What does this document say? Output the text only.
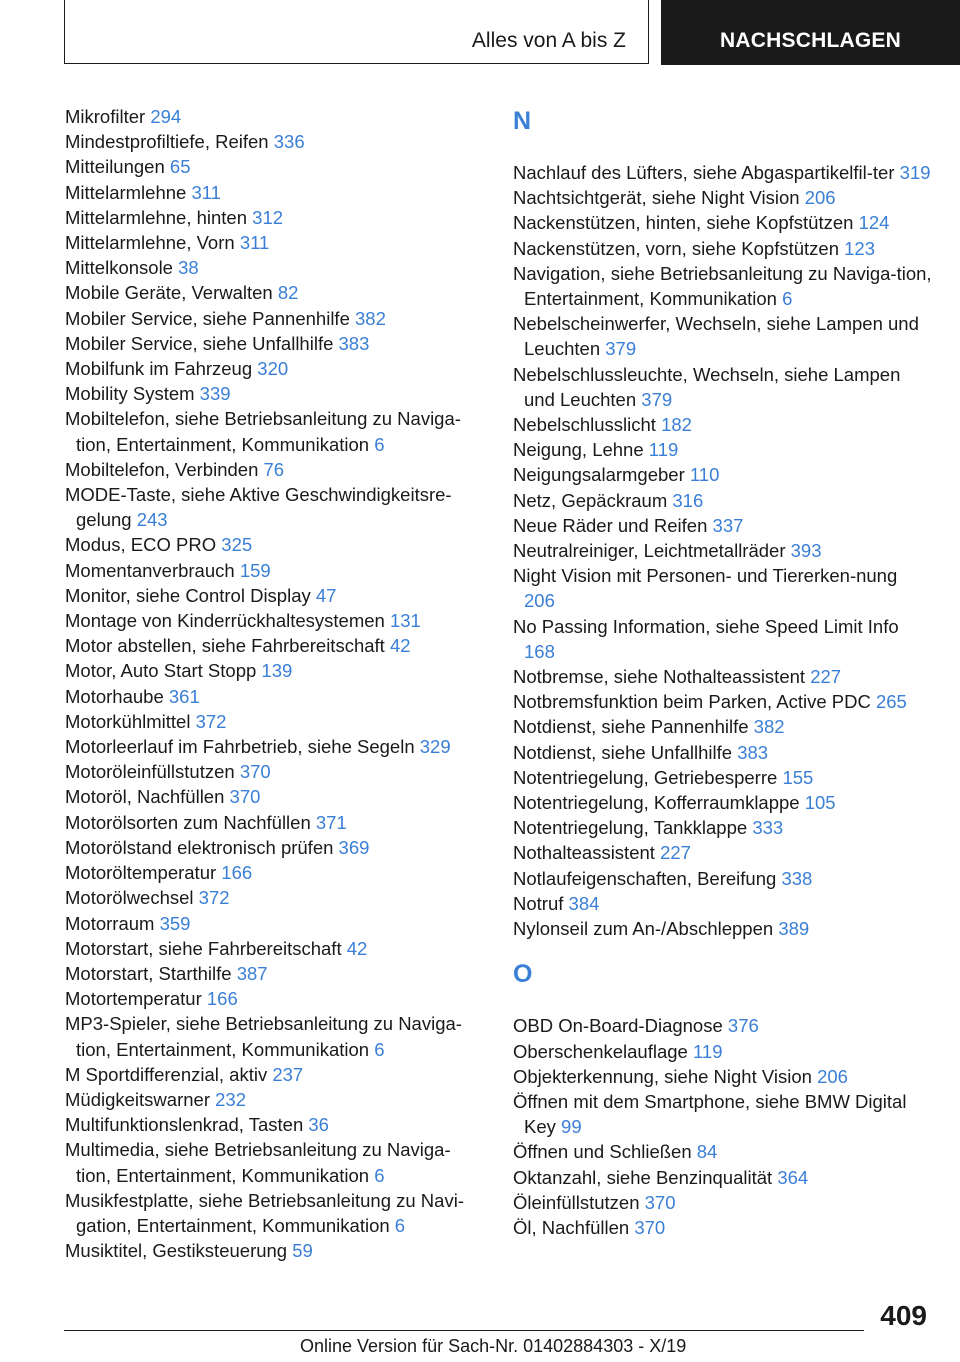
Alles von A bis Z	NACHSCHLAGEN
Mikrofilter 294
Mindestprofiltiefe, Reifen 336
Mitteilungen 65
Mittelarmlehne 311
Mittelarmlehne, hinten 312
Mittelarmlehne, Vorn 311
Mittelkonsole 38
Mobile Geräte, Verwalten 82
Mobiler Service, siehe Pannenhilfe 382
Mobiler Service, siehe Unfallhilfe 383
Mobilfunk im Fahrzeug 320
Mobility System 339
Mobiltelefon, siehe Betriebsanleitung zu Naviga‐tion, Entertainment, Kommunikation 6
Mobiltelefon, Verbinden 76
MODE-Taste, siehe Aktive Geschwindigkeitsre‐gelung 243
Modus, ECO PRO 325
Momentanverbrauch 159
Monitor, siehe Control Display 47
Montage von Kinderrückhaltesystemen 131
Motor abstellen, siehe Fahrbereitschaft 42
Motor, Auto Start Stopp 139
Motorhaube 361
Motorkühlmittel 372
Motorleerlauf im Fahrbetrieb, siehe Segeln 329
Motoröleinfüllstutzen 370
Motoröl, Nachfüllen 370
Motorölsorten zum Nachfüllen 371
Motorölstand elektronisch prüfen 369
Motoröltemperatur 166
Motorölwechsel 372
Motorraum 359
Motorstart, siehe Fahrbereitschaft 42
Motorstart, Starthilfe 387
Motortemperatur 166
MP3-Spieler, siehe Betriebsanleitung zu Naviga‐tion, Entertainment, Kommunikation 6
M Sportdifferenzial, aktiv 237
Müdigkeitswarner 232
Multifunktionslenkrad, Tasten 36
Multimedia, siehe Betriebsanleitung zu Naviga‐tion, Entertainment, Kommunikation 6
Musikfestplatte, siehe Betriebsanleitung zu Navi‐gation, Entertainment, Kommunikation 6
Musiktitel, Gestiksteuerung 59
N
Nachlauf des Lüfters, siehe Abgaspartikelfil‐ter 319
Nachtsichtgerät, siehe Night Vision 206
Nackenstützen, hinten, siehe Kopfstützen 124
Nackenstützen, vorn, siehe Kopfstützen 123
Navigation, siehe Betriebsanleitung zu Naviga‐tion, Entertainment, Kommunikation 6
Nebelscheinwerfer, Wechseln, siehe Lampen und Leuchten 379
Nebelschlussleuchte, Wechseln, siehe Lampen und Leuchten 379
Nebelschlusslicht 182
Neigung, Lehne 119
Neigungsalarmgeber 110
Netz, Gepäckraum 316
Neue Räder und Reifen 337
Neutralreiniger, Leichtmetallräder 393
Night Vision mit Personen- und Tiererken‐nung 206
No Passing Information, siehe Speed Limit Info 168
Notbremse, siehe Nothalteassistent 227
Notbremsfunktion beim Parken, Active PDC 265
Notdienst, siehe Pannenhilfe 382
Notdienst, siehe Unfallhilfe 383
Notentriegelung, Getriebesperre 155
Notentriegelung, Kofferraumklappe 105
Notentriegelung, Tankklappe 333
Nothalteassistent 227
Notlaufeigenschaften, Bereifung 338
Notruf 384
Nylonseil zum An-/Abschleppen 389
O
OBD On-Board-Diagnose 376
Oberschenkelauflage 119
Objekterkennung, siehe Night Vision 206
Öffnen mit dem Smartphone, siehe BMW Digital Key 99
Öffnen und Schließen 84
Oktanzahl, siehe Benzinqualität 364
Öleinfüllstutzen 370
Öl, Nachfüllen 370
409
Online Version für Sach-Nr. 01402884303 - X/19
